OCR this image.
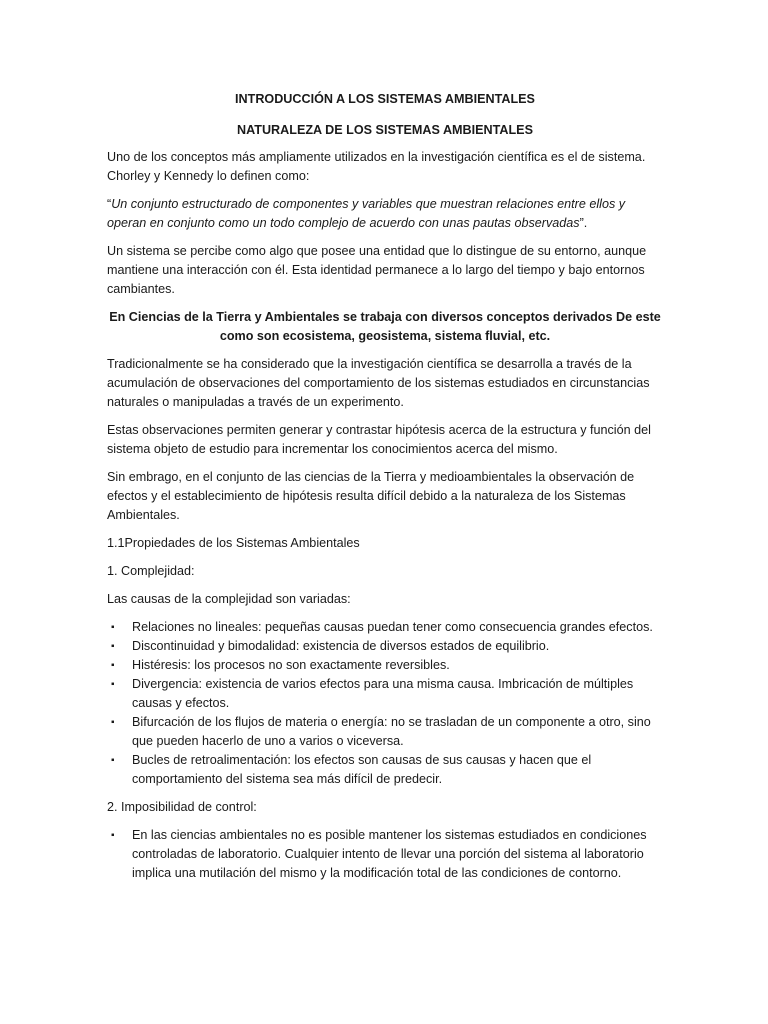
INTRODUCCIÓN A LOS SISTEMAS AMBIENTALES

NATURALEZA DE LOS SISTEMAS AMBIENTALES

Uno de los conceptos más ampliamente utilizados en la investigación científica es el de sistema. Chorley y Kennedy lo definen como:

“Un conjunto estructurado de componentes y variables que muestran relaciones entre ellos y operan en conjunto como un todo complejo de acuerdo con unas pautas observadas”.

Un sistema se percibe como algo que posee una entidad que lo distingue de su entorno, aunque mantiene una interacción con él. Esta identidad permanece a lo largo del tiempo y bajo entornos cambiantes.

En Ciencias de la Tierra y Ambientales se trabaja con diversos conceptos derivados De este como son ecosistema, geosistema, sistema fluvial, etc.

Tradicionalmente se ha considerado que la investigación científica se desarrolla a través de la acumulación de observaciones del comportamiento de los sistemas estudiados en circunstancias naturales o manipuladas a través de un experimento.

Estas observaciones permiten generar y contrastar hipótesis acerca de la estructura y función del sistema objeto de estudio para incrementar los conocimientos acerca del mismo.

Sin embrago, en el conjunto de las ciencias de la Tierra y medioambientales la observación de efectos y el establecimiento de hipótesis resulta difícil debido a la naturaleza de los Sistemas Ambientales.

1.1Propiedades de los Sistemas Ambientales

1. Complejidad:

Las causas de la complejidad son variadas:

▪ Relaciones no lineales: pequeñas causas puedan tener como consecuencia grandes efectos.
▪ Discontinuidad y bimodalidad: existencia de diversos estados de equilibrio.
▪ Histéresis: los procesos no son exactamente reversibles.
▪ Divergencia: existencia de varios efectos para una misma causa. Imbricación de múltiples causas y efectos.
▪ Bifurcación de los flujos de materia o energía: no se trasladan de un componente a otro, sino que pueden hacerlo de uno a varios o viceversa.
▪ Bucles de retroalimentación: los efectos son causas de sus causas y hacen que el comportamiento del sistema sea más difícil de predecir.

2. Imposibilidad de control:

▪ En las ciencias ambientales no es posible mantener los sistemas estudiados en condiciones controladas de laboratorio. Cualquier intento de llevar una porción del sistema al laboratorio implica una mutilación del mismo y la modificación total de las condiciones de contorno.
